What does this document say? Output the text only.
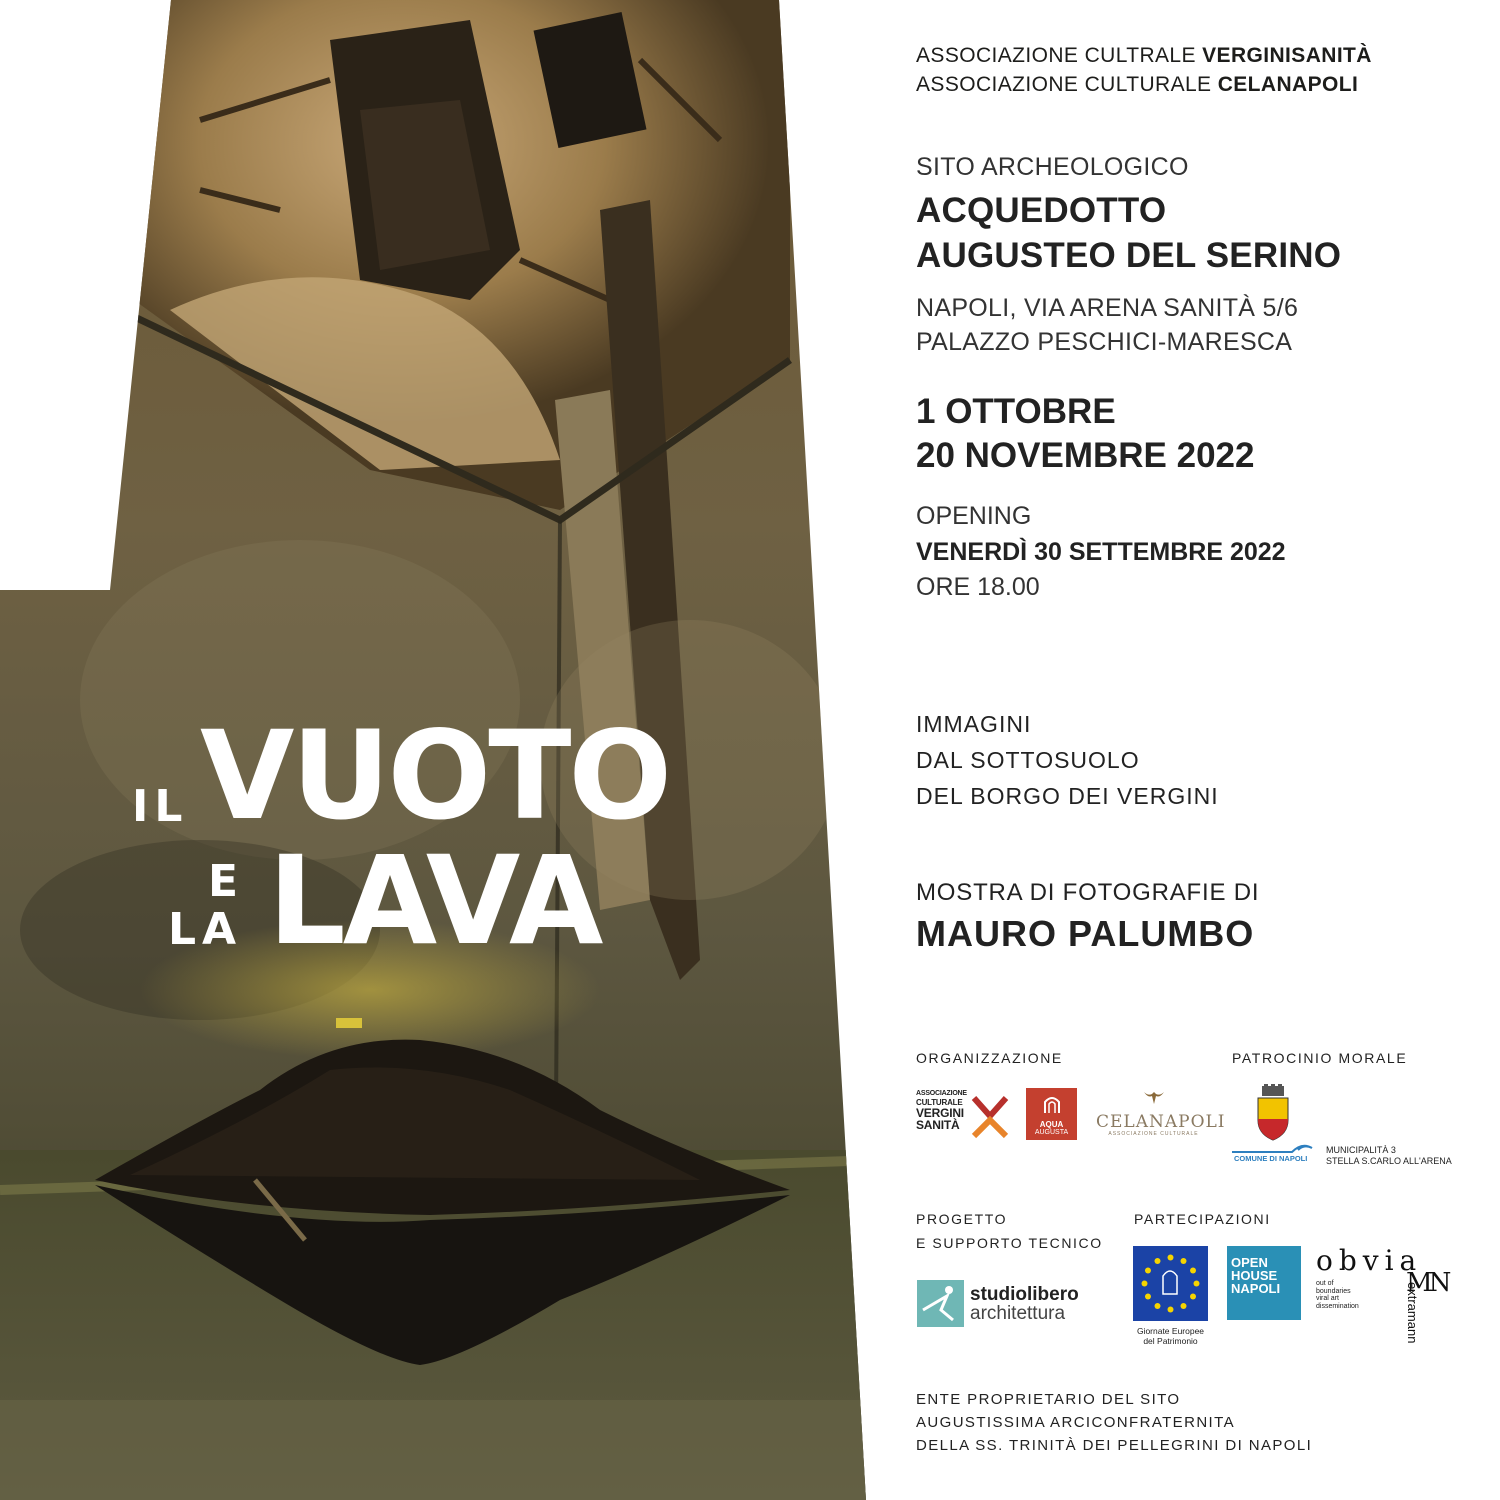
IL VUOTO
E
LA LAVA
ASSOCIAZIONE CULTRALE VERGINISANITÀ
ASSOCIAZIONE CULTURALE CELANAPOLI
SITO ARCHEOLOGICO
ACQUEDOTTO
AUGUSTEO DEL SERINO
NAPOLI, VIA ARENA SANITÀ 5/6
PALAZZO PESCHICI-MARESCA
1 OTTOBRE
20 NOVEMBRE 2022
OPENING
VENERDÌ 30 SETTEMBRE 2022
ORE 18.00
IMMAGINI
DAL SOTTOSUOLO
DEL BORGO DEI VERGINI
MOSTRA DI FOTOGRAFIE DI
MAURO PALUMBO
ORGANIZZAZIONE	PATROCINIO MORALE
ASSOCIAZIONE
CULTURALE
VERGINI
SANITÀ	AQUA
AUGUSTA
CELANAPOLI
ASSOCIAZIONE CULTURALE
COMUNE DI NAPOLI
MUNICIPALITÀ 3
STELLA S.CARLO ALL'ARENA
PROGETTO
E SUPPORTO TECNICO
PARTECIPAZIONI
studiolibero
architettura
Giornate Europee
del Patrimonio
OPEN
HOUSE
NAPOLI
obvia
out of
boundaries
viral art
dissemination
MN
extramann
ENTE PROPRIETARIO DEL SITO
AUGUSTISSIMA ARCICONFRATERNITA
DELLA SS. TRINITÀ DEI PELLEGRINI DI NAPOLI
